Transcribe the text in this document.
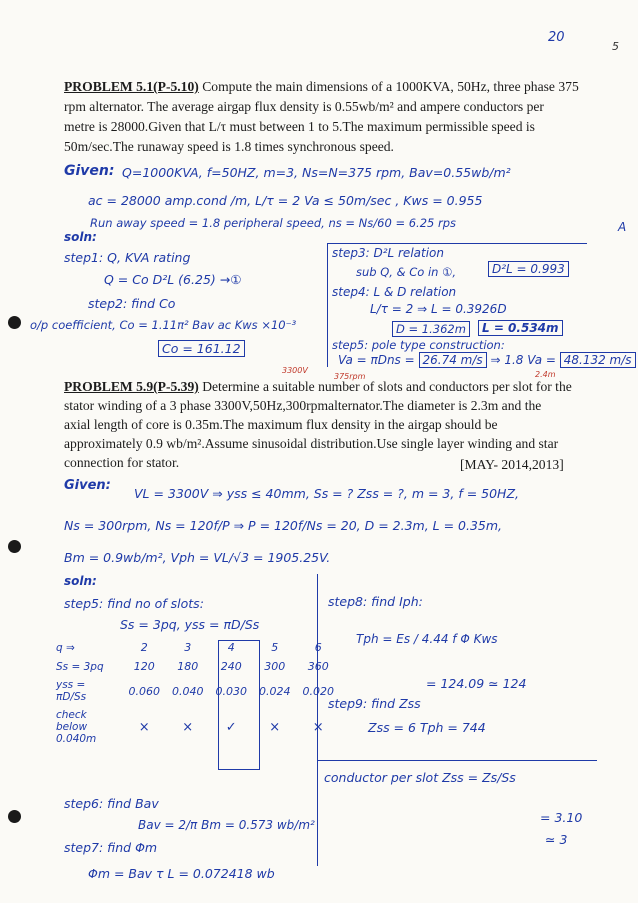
20
5
A
PROBLEM 5.1(P-5.10) Compute the main dimensions of a 1000KVA, 50Hz, three phase 375
rpm alternator. The average airgap flux density is 0.55wb/m² and ampere conductors per
metre is 28000.Given that L/τ must between 1 to 5.The maximum permissible speed is
50m/sec.The runaway speed is 1.8 times synchronous speed.
Given: Q=1000KVA, f=50HZ, m=3, Ns=N=375 rpm, Bav=0.55wb/m²
ac = 28000 amp.cond /m, L/τ = 2 Va ≤ 50m/sec , Kws = 0.955
Run away speed = 1.8 peripheral speed, ns = Ns/60 = 6.25 rps
soln:
step1: Q, KVA rating
Q = Co D²L (6.25) →①
step2: find Co
o/p coefficient, Co = 1.11π² Bav ac Kws ×10⁻³
Co = 161.12
step3: D²L relation
sub Q, & Co in ①,	D²L = 0.993
step4: L & D relation
L/τ = 2 ⇒ L = 0.3926D
D = 1.362m	L = 0.534m
step5: pole type construction:
Va = πDns = 26.74 m/s ⇒ 1.8 Va = 48.132 m/s
3300V
375rpm	2.4m
PROBLEM 5.9(P-5.39) Determine a suitable number of slots and conductors per slot for the
stator winding of a 3 phase 3300V,50Hz,300rpmalternator.The diameter is 2.3m and the
axial length of core is 0.35m.The maximum flux density in the airgap should be
approximately 0.9 wb/m².Assume sinusoidal distribution.Use single layer winding and star
connection for stator.	[MAY- 2014,2013]
Given:
VL = 3300V ⇒ yss ≤ 40mm, Ss = ? Zss = ?, m = 3, f = 50HZ,
Ns = 300rpm, Ns = 120f/P ⇒ P = 120f/Ns = 20, D = 2.3m, L = 0.35m,
Bm = 0.9wb/m², Vph = VL/√3 = 1905.25V.
soln:
step5: find no of slots:
Ss = 3pq, yss = πD/Ss
q ⇒	2	3	4	5	6
Ss = 3pq	120	180	240	300	360
yss = πD/Ss	0.060	0.040	0.030	0.024	0.020
check below 0.040m	×	×	✓	×	×
step6: find Bav
Bav = 2/π Bm = 0.573 wb/m²
step7: find Φm
Φm = Bav τ L = 0.072418 wb
step8: find Iph:
Tph = Es / 4.44 f Φ Kws
= 124.09 ≃ 124
step9: find Zss
Zss = 6 Tph = 744
conductor per slot Zss = Zs/Ss
= 3.10
≃ 3
